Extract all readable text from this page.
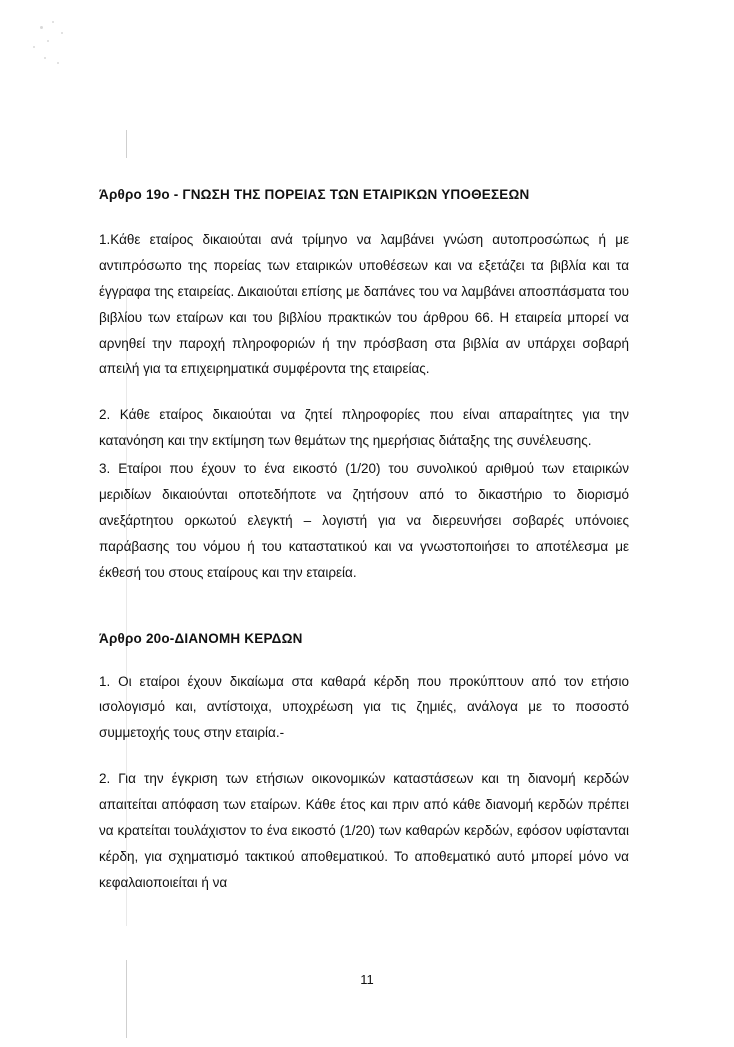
Άρθρο 19ο - ΓΝΩΣΗ ΤΗΣ ΠΟΡΕΙΑΣ ΤΩΝ ΕΤΑΙΡΙΚΩΝ ΥΠΟΘΕΣΕΩΝ

1.Κάθε εταίρος δικαιούται ανά τρίμηνο να λαμβάνει γνώση αυτοπροσώπως ή με αντιπρόσωπο της πορείας των εταιρικών υποθέσεων και να εξετάζει τα βιβλία και τα έγγραφα της εταιρείας. Δικαιούται επίσης με δαπάνες του να λαμβάνει αποσπάσματα του βιβλίου των εταίρων και του βιβλίου πρακτικών του άρθρου 66. Η εταιρεία μπορεί να αρνηθεί την παροχή πληροφοριών ή την πρόσβαση στα βιβλία αν υπάρχει σοβαρή απειλή για τα επιχειρηματικά συμφέροντα της εταιρείας.

2. Κάθε εταίρος δικαιούται να ζητεί πληροφορίες που είναι απαραίτητες για την κατανόηση και την εκτίμηση των θεμάτων της ημερήσιας διάταξης της συνέλευσης.

3. Εταίροι που έχουν το ένα εικοστό (1/20) του συνολικού αριθμού των εταιρικών μεριδίων δικαιούνται οποτεδήποτε να ζητήσουν από το δικαστήριο το διορισμό ανεξάρτητου ορκωτού ελεγκτή – λογιστή για να διερευνήσει σοβαρές υπόνοιες παράβασης του νόμου ή του καταστατικού και να γνωστοποιήσει το αποτέλεσμα με έκθεσή του στους εταίρους και την εταιρεία.

Άρθρο 20ο-ΔΙΑΝΟΜΗ ΚΕΡΔΩΝ

1. Οι εταίροι έχουν δικαίωμα στα καθαρά κέρδη που προκύπτουν από τον ετήσιο ισολογισμό και, αντίστοιχα, υποχρέωση για τις ζημιές, ανάλογα με το ποσοστό συμμετοχής τους στην εταιρία.-

2. Για την έγκριση των ετήσιων οικονομικών καταστάσεων και τη διανομή κερδών απαιτείται απόφαση των εταίρων. Κάθε έτος και πριν από κάθε διανομή κερδών πρέπει να κρατείται τουλάχιστον το ένα εικοστό (1/20) των καθαρών κερδών, εφόσον υφίστανται κέρδη, για σχηματισμό τακτικού αποθεματικού. Το αποθεματικό αυτό μπορεί μόνο να κεφαλαιοποιείται ή να

11
